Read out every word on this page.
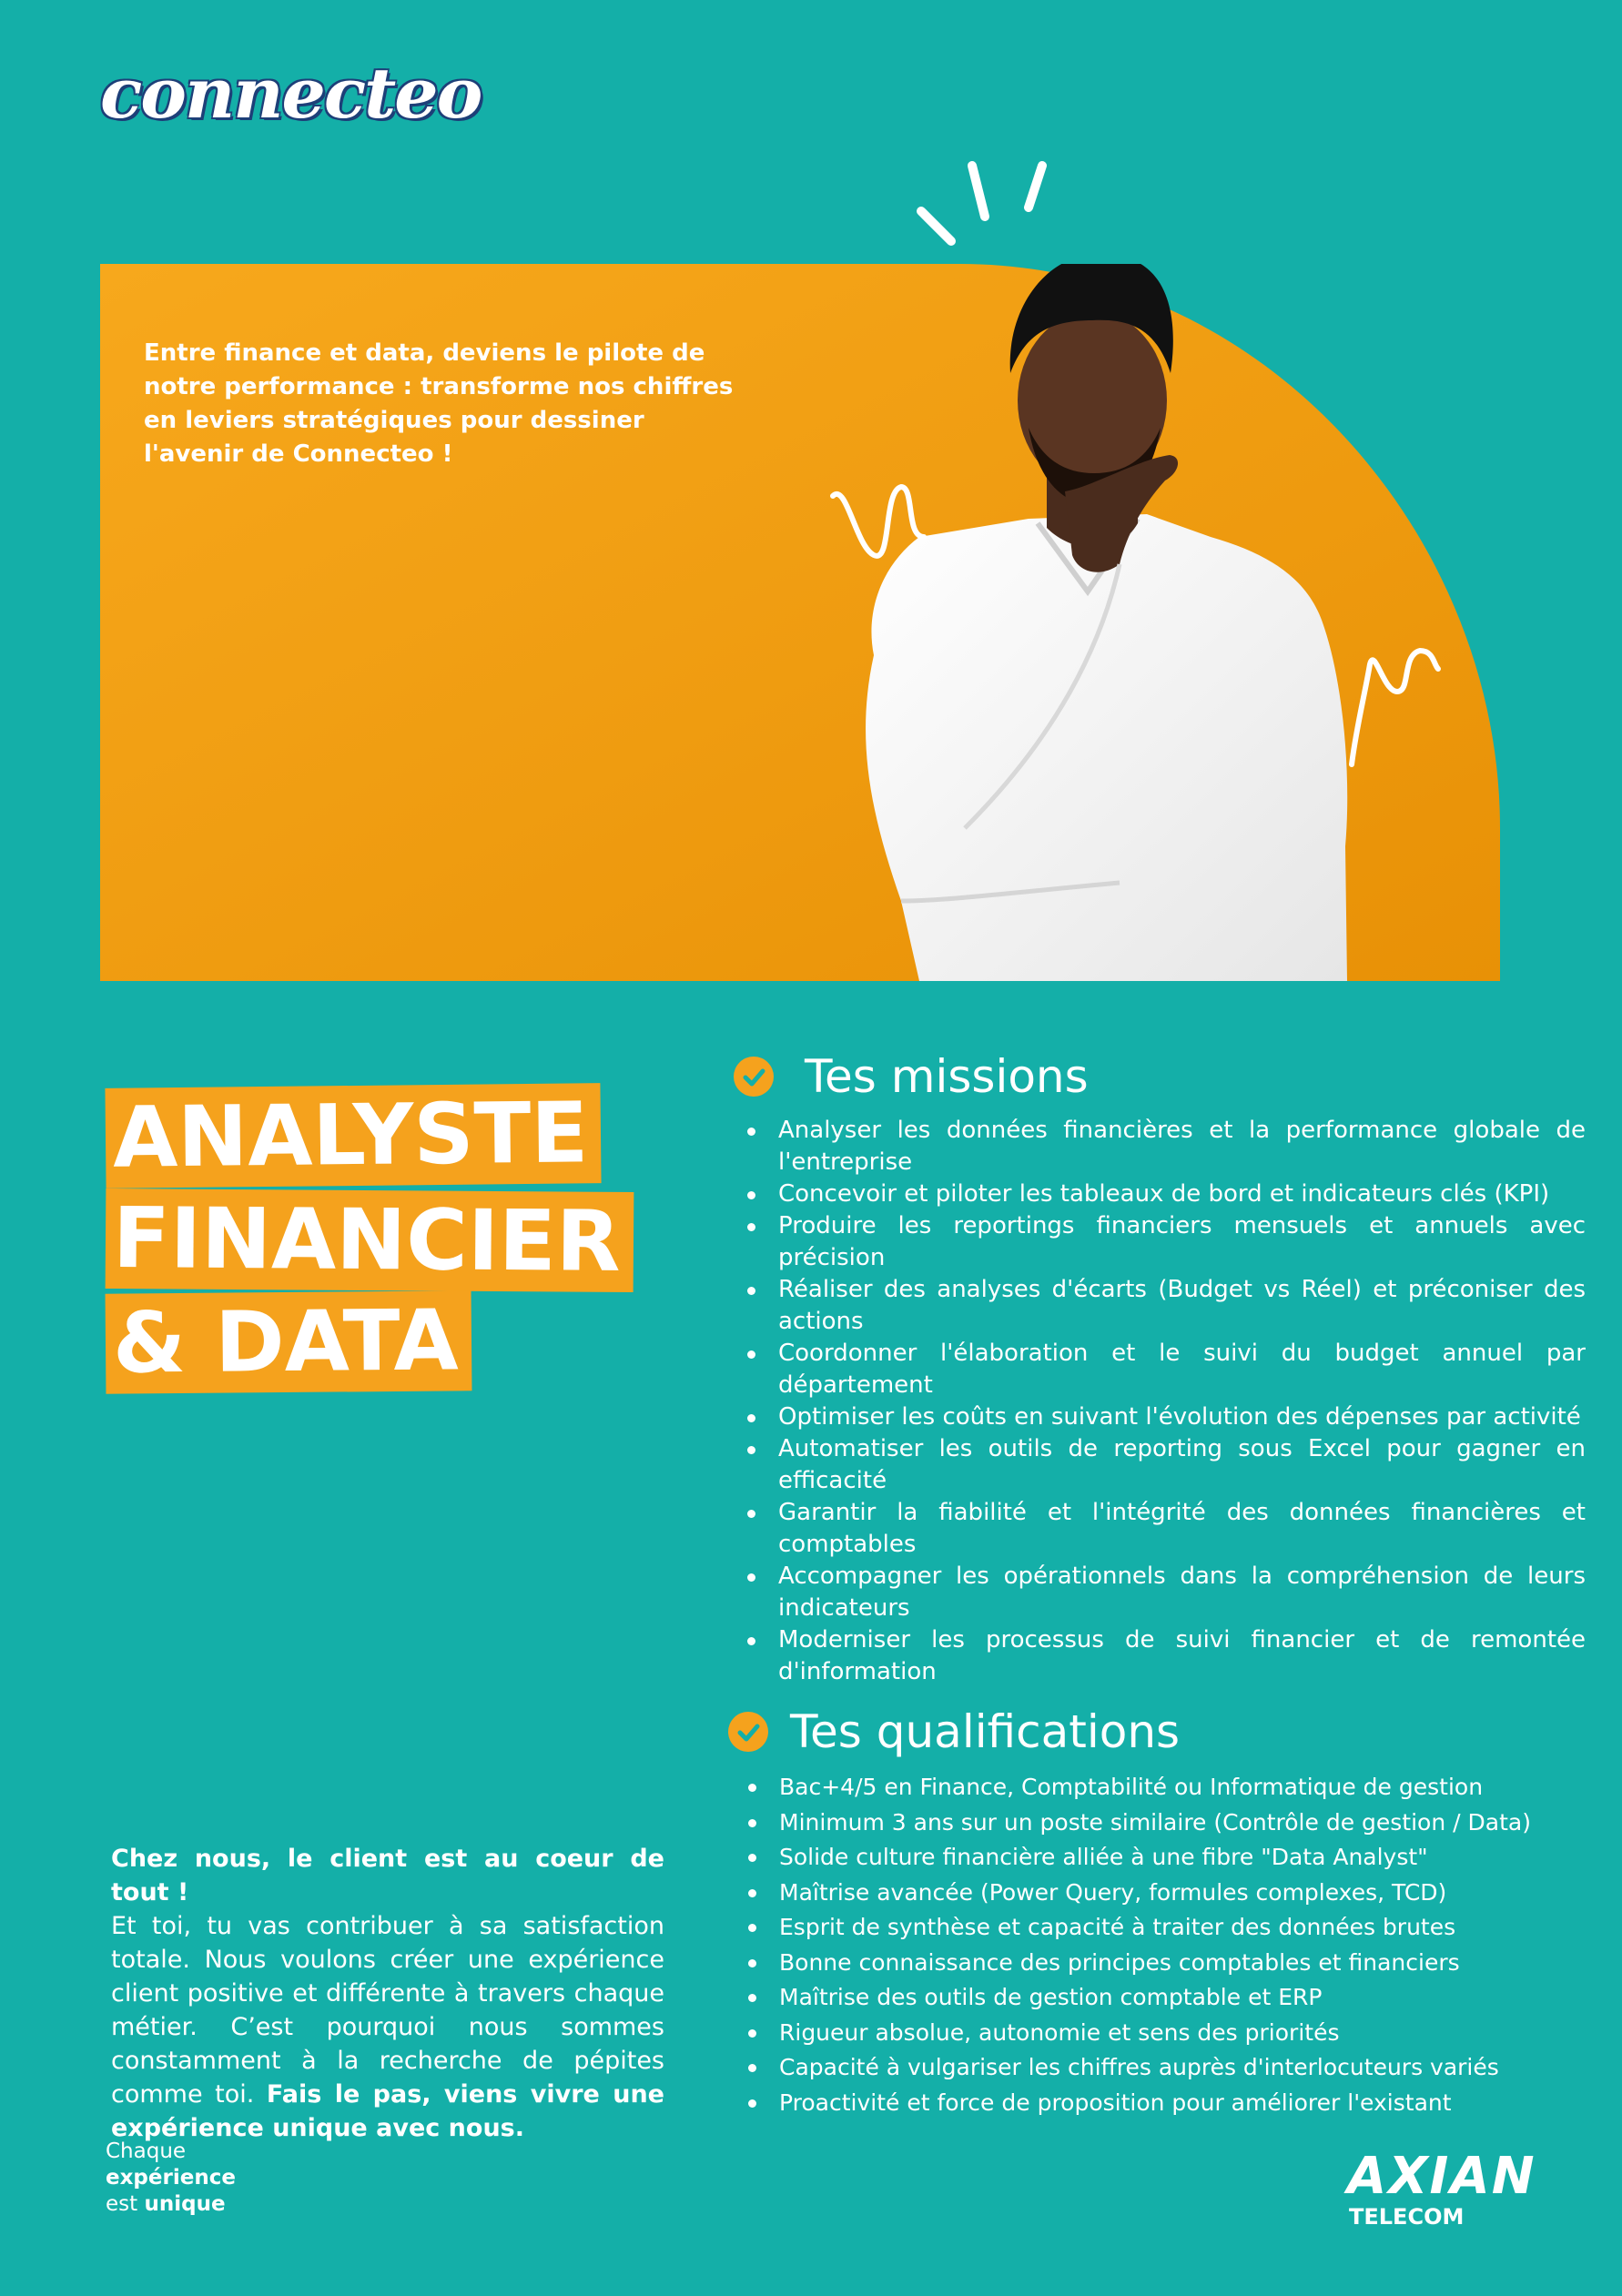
connecteo
Entre finance et data, deviens le pilote de notre performance : transforme nos chiffres en leviers stratégiques pour dessiner l'avenir de Connecteo !
ANALYSTE
FINANCIER
& DATA
Tes missions
Analyser les données financières et la performance globale de l'entreprise
Concevoir et piloter les tableaux de bord et indicateurs clés (KPI)
Produire les reportings financiers mensuels et annuels avec précision
Réaliser des analyses d'écarts (Budget vs Réel) et préconiser des actions
Coordonner l'élaboration et le suivi du budget annuel par département
Optimiser les coûts en suivant l'évolution des dépenses par activité
Automatiser les outils de reporting sous Excel pour gagner en efficacité
Garantir la fiabilité et l'intégrité des données financières et comptables
Accompagner les opérationnels dans la compréhension de leurs indicateurs
Moderniser les processus de suivi financier et de remontée d'information
Tes qualifications
Bac+4/5 en Finance, Comptabilité ou Informatique de gestion
Minimum 3 ans sur un poste similaire (Contrôle de gestion / Data)
Solide culture financière alliée à une fibre "Data Analyst"
Maîtrise avancée (Power Query, formules complexes, TCD)
Esprit de synthèse et capacité à traiter des données brutes
Bonne connaissance des principes comptables et financiers
Maîtrise des outils de gestion comptable et ERP
Rigueur absolue, autonomie et sens des priorités
Capacité à vulgariser les chiffres auprès d'interlocuteurs variés
Proactivité et force de proposition pour améliorer l'existant
Chez nous, le client est au coeur de tout !
Et toi, tu vas contribuer à sa satisfaction totale. Nous voulons créer une expérience client positive et différente à travers chaque métier. C’est pourquoi nous sommes constamment à la recherche de pépites comme toi. Fais le pas, viens vivre une expérience unique avec nous.
Chaque
expérience
est unique	AXIAN
TELECOM
